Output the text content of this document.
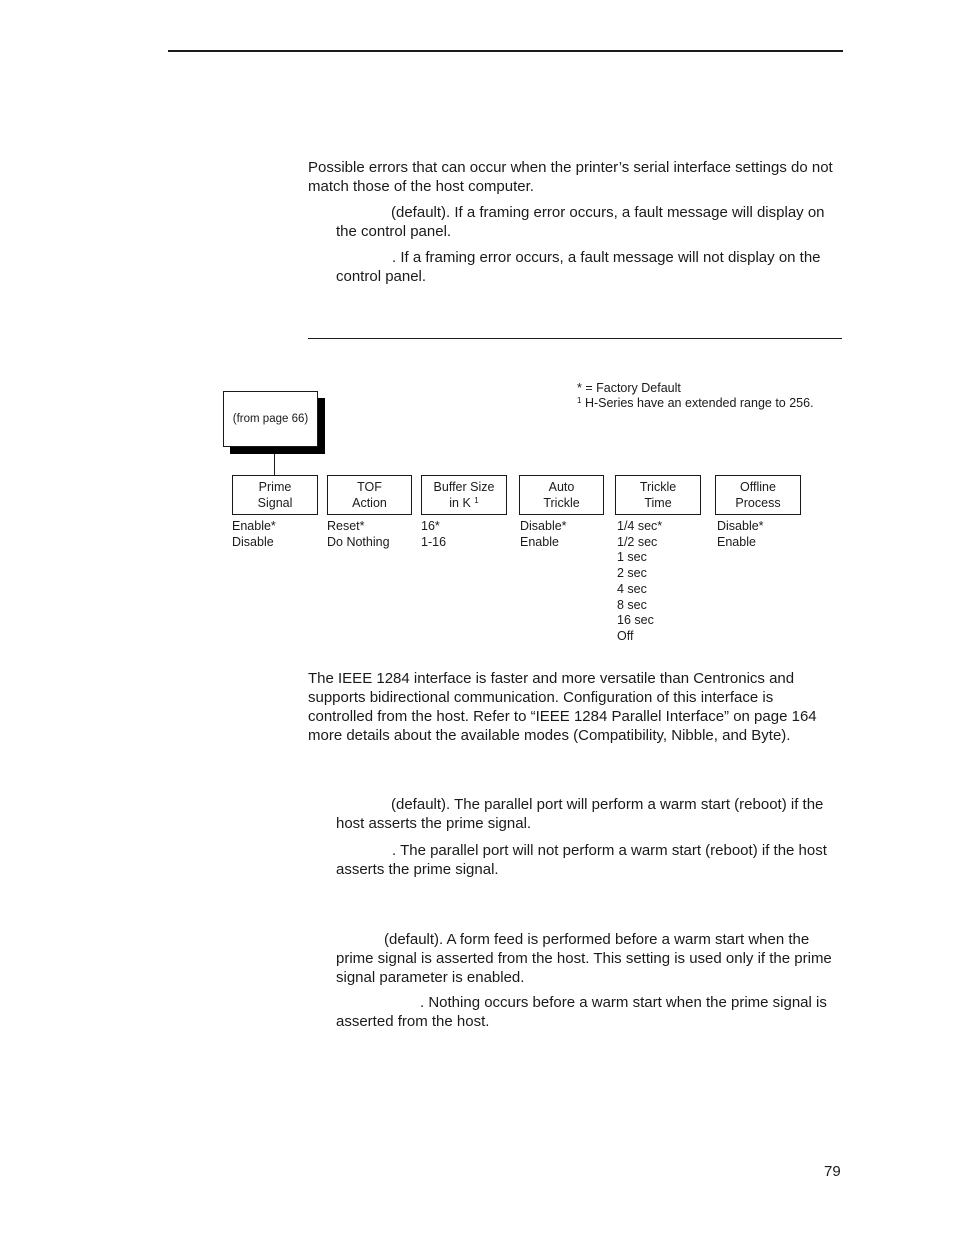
Possible errors that can occur when the printer’s serial interface settings do not match those of the host computer.

(default). If a framing error occurs, a fault message will display on the control panel.

. If a framing error occurs, a fault message will not display on the control panel.

* = Factory Default
$^1$ H-Series have an extended range to 256.
(from page 66)
Prime
Signal
TOF
Action
Buffer Size
in K $^1$
Auto
Trickle
Trickle
Time
Offline
Process
Enable*
Disable
Reset*
Do Nothing
16*
1-16
Disable*
Enable
1/4 sec*
1/2 sec
1 sec
2 sec
4 sec
8 sec
16 sec
Off
Disable*
Enable

The IEEE 1284 interface is faster and more versatile than Centronics and supports bidirectional communication. Configuration of this interface is controlled from the host. Refer to “IEEE 1284 Parallel Interface” on page 164 more details about the available modes (Compatibility, Nibble, and Byte).

(default). The parallel port will perform a warm start (reboot) if the host asserts the prime signal.

. The parallel port will not perform a warm start (reboot) if the host asserts the prime signal.

(default). A form feed is performed before a warm start when the prime signal is asserted from the host. This setting is used only if the prime signal parameter is enabled.

. Nothing occurs before a warm start when the prime signal is asserted from the host.

79
